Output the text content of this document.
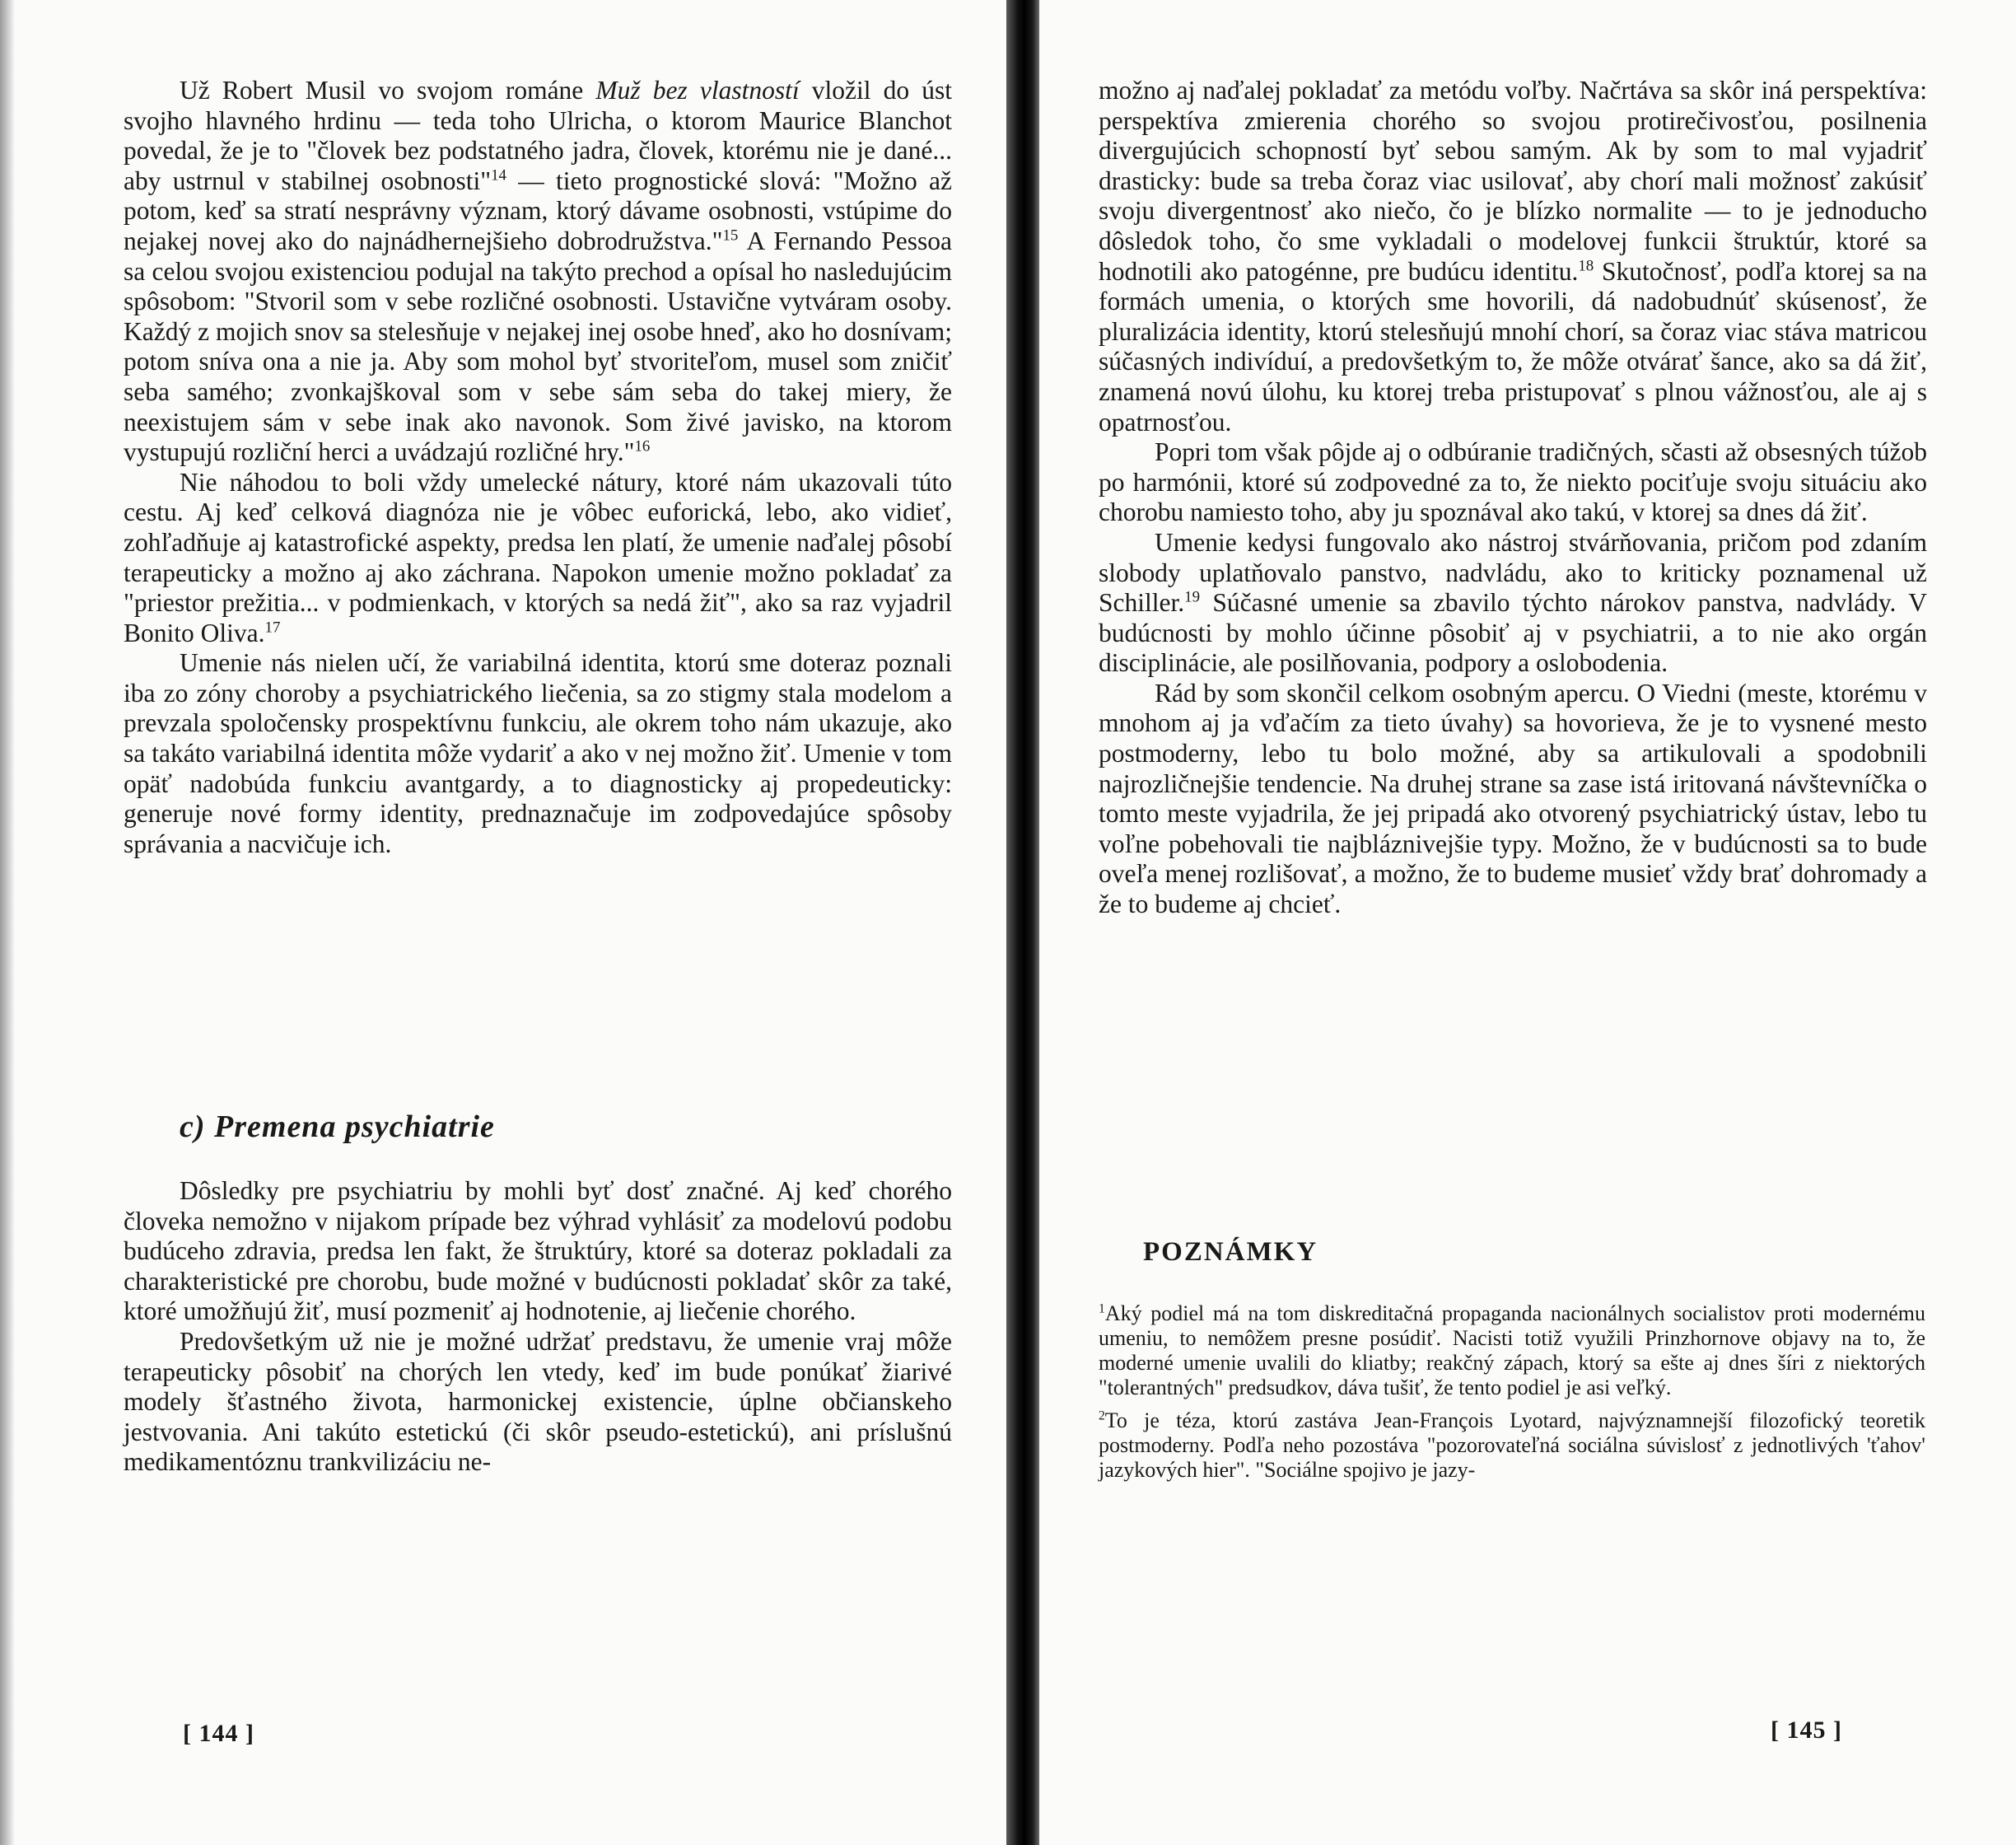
Už Robert Musil vo svojom románe Muž bez vlastností vložil do úst svojho hlavného hrdinu — teda toho Ulricha, o ktorom Maurice Blanchot povedal, že je to "človek bez podstatného jadra, človek, ktorému nie je dané... aby ustrnul v stabilnej osobnosti"$^{14}$ — tieto prognostické slová: "Možno až potom, keď sa stratí nesprávny význam, ktorý dávame osobnosti, vstúpime do nejakej novej ako do najnádhernejšieho dobrodružstva."$^{15}$ A Fernando Pessoa sa celou svojou existenciou podujal na takýto prechod a opísal ho nasledujúcim spôsobom: "Stvoril som v sebe rozličné osobnosti. Ustavične vytváram osoby. Každý z mojich snov sa stelesňuje v nejakej inej osobe hneď, ako ho dosnívam; potom sníva ona a nie ja. Aby som mohol byť stvoriteľom, musel som zničiť seba samého; zvonkajškoval som v sebe sám seba do takej miery, že neexistujem sám v sebe inak ako navonok. Som živé javisko, na ktorom vystupujú rozliční herci a uvádzajú rozličné hry."$^{16}$

Nie náhodou to boli vždy umelecké nátury, ktoré nám ukazovali túto cestu. Aj keď celková diagnóza nie je vôbec euforická, lebo, ako vidieť, zohľadňuje aj katastrofické aspekty, predsa len platí, že umenie naďalej pôsobí terapeuticky a možno aj ako záchrana. Napokon umenie možno pokladať za "priestor prežitia... v podmienkach, v ktorých sa nedá žiť", ako sa raz vyjadril Bonito Oliva.$^{17}$

Umenie nás nielen učí, že variabilná identita, ktorú sme doteraz poznali iba zo zóny choroby a psychiatrického liečenia, sa zo stigmy stala modelom a prevzala spoločensky prospektívnu funkciu, ale okrem toho nám ukazuje, ako sa takáto variabilná identita môže vydariť a ako v nej možno žiť. Umenie v tom opäť nadobúda funkciu avantgardy, a to diagnosticky aj propedeuticky: generuje nové formy identity, prednaznačuje im zodpovedajúce spôsoby správania a nacvičuje ich.

c) Premena psychiatrie

Dôsledky pre psychiatriu by mohli byť dosť značné. Aj keď chorého človeka nemožno v nijakom prípade bez výhrad vyhlásiť za modelovú podobu budúceho zdravia, predsa len fakt, že štruktúry, ktoré sa doteraz pokladali za charakteristické pre chorobu, bude možné v budúcnosti pokladať skôr za také, ktoré umožňujú žiť, musí pozmeniť aj hodnotenie, aj liečenie chorého.

Predovšetkým už nie je možné udržať predstavu, že umenie vraj môže terapeuticky pôsobiť na chorých len vtedy, keď im bude ponúkať žiarivé modely šťastného života, harmonickej existencie, úplne občianskeho jestvovania. Ani takúto estetickú (či skôr pseudo-estetickú), ani príslušnú medikamentóznu trankvilizáciu ne-

[ 144 ]

možno aj naďalej pokladať za metódu voľby. Načrtáva sa skôr iná perspektíva: perspektíva zmierenia chorého so svojou protirečivosťou, posilnenia divergujúcich schopností byť sebou samým. Ak by som to mal vyjadriť drasticky: bude sa treba čoraz viac usilovať, aby chorí mali možnosť zakúsiť svoju divergentnosť ako niečo, čo je blízko normalite — to je jednoducho dôsledok toho, čo sme vykladali o modelovej funkcii štruktúr, ktoré sa hodnotili ako patogénne, pre budúcu identitu.$^{18}$ Skutočnosť, podľa ktorej sa na formách umenia, o ktorých sme hovorili, dá nadobudnúť skúsenosť, že pluralizácia identity, ktorú stelesňujú mnohí chorí, sa čoraz viac stáva matricou súčasných indivíduí, a predovšetkým to, že môže otvárať šance, ako sa dá žiť, znamená novú úlohu, ku ktorej treba pristupovať s plnou vážnosťou, ale aj s opatrnosťou.

Popri tom však pôjde aj o odbúranie tradičných, sčasti až obsesných túžob po harmónii, ktoré sú zodpovedné za to, že niekto pociťuje svoju situáciu ako chorobu namiesto toho, aby ju spoznával ako takú, v ktorej sa dnes dá žiť.

Umenie kedysi fungovalo ako nástroj stvárňovania, pričom pod zdaním slobody uplatňovalo panstvo, nadvládu, ako to kriticky poznamenal už Schiller.$^{19}$ Súčasné umenie sa zbavilo týchto nárokov panstva, nadvlády. V budúcnosti by mohlo účinne pôsobiť aj v psychiatrii, a to nie ako orgán disciplinácie, ale posilňovania, podpory a oslobodenia.

Rád by som skončil celkom osobným apercu. O Viedni (meste, ktorému v mnohom aj ja vďačím za tieto úvahy) sa hovorieva, že je to vysnené mesto postmoderny, lebo tu bolo možné, aby sa artikulovali a spodobnili najrozličnejšie tendencie. Na druhej strane sa zase istá iritovaná návštevníčka o tomto meste vyjadrila, že jej pripadá ako otvorený psychiatrický ústav, lebo tu voľne pobehovali tie najbláznivejšie typy. Možno, že v budúcnosti sa to bude oveľa menej rozlišovať, a možno, že to budeme musieť vždy brať dohromady a že to budeme aj chcieť.

POZNÁMKY

$^1$Aký podiel má na tom diskreditačná propaganda nacionálnych socialistov proti modernému umeniu, to nemôžem presne posúdiť. Nacisti totiž využili Prinzhornove objavy na to, že moderné umenie uvalili do kliatby; reakčný zápach, ktorý sa ešte aj dnes šíri z niektorých "tolerantných" predsudkov, dáva tušiť, že tento podiel je asi veľký.

$^2$To je téza, ktorú zastáva Jean-François Lyotard, najvýznamnejší filozofický teoretik postmoderny. Podľa neho pozostáva "pozorovateľná sociálna súvislosť z jednotlivých 'ťahov' jazykových hier". "Sociálne spojivo je jazy-

[ 145 ]
